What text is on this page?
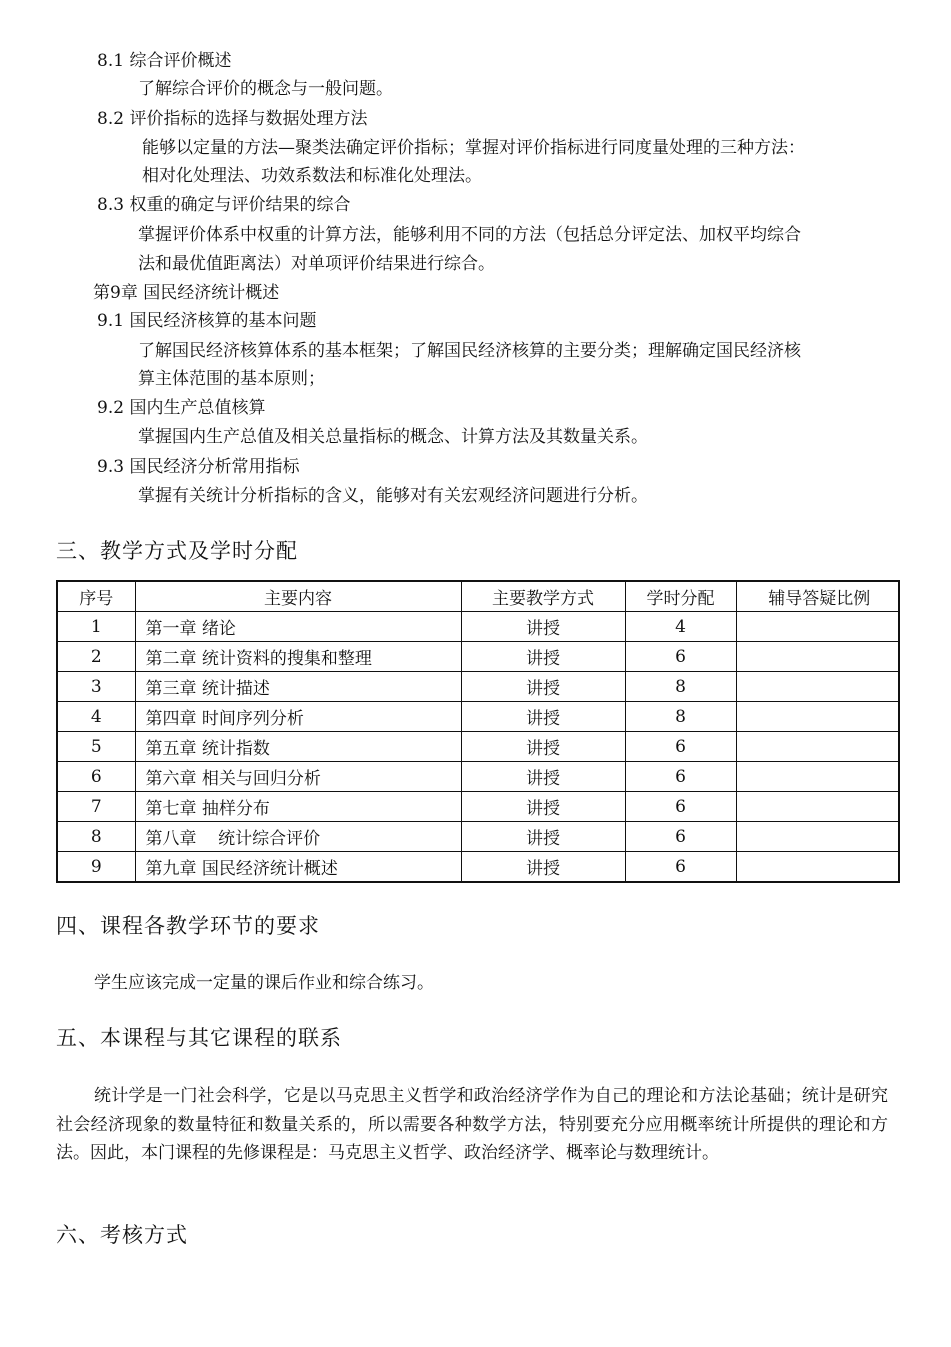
8.1 综合评价概述
了解综合评价的概念与一般问题。
8.2 评价指标的选择与数据处理方法
能够以定量的方法—聚类法确定评价指标；掌握对评价指标进行同度量处理的三种方法：
相对化处理法、功效系数法和标准化处理法。
8.3 权重的确定与评价结果的综合
掌握评价体系中权重的计算方法，能够利用不同的方法（包括总分评定法、加权平均综合
法和最优值距离法）对单项评价结果进行综合。
第9章 国民经济统计概述
9.1 国民经济核算的基本问题
了解国民经济核算体系的基本框架；了解国民经济核算的主要分类；理解确定国民经济核
算主体范围的基本原则；
9.2 国内生产总值核算
掌握国内生产总值及相关总量指标的概念、计算方法及其数量关系。
9.3 国民经济分析常用指标
掌握有关统计分析指标的含义，能够对有关宏观经济问题进行分析。
三、教学方式及学时分配
序号	主要内容	主要教学方式	学时分配	辅导答疑比例
1	第一章 绪论	讲授	4	
2	第二章 统计资料的搜集和整理	讲授	6	
3	第三章 统计描述	讲授	8	
4	第四章 时间序列分析	讲授	8	
5	第五章 统计指数	讲授	6	
6	第六章 相关与回归分析	讲授	6	
7	第七章 抽样分布	讲授	6	
8	第八章    统计综合评价	讲授	6	
9	第九章 国民经济统计概述	讲授	6	
四、课程各教学环节的要求
学生应该完成一定量的课后作业和综合练习。
五、本课程与其它课程的联系
统计学是一门社会科学，它是以马克思主义哲学和政治经济学作为自己的理论和方法论基础；统计是研究社会经济现象的数量特征和数量关系的，所以需要各种数学方法，特别要充分应用概率统计所提供的理论和方法。因此，本门课程的先修课程是：马克思主义哲学、政治经济学、概率论与数理统计。
六、考核方式
